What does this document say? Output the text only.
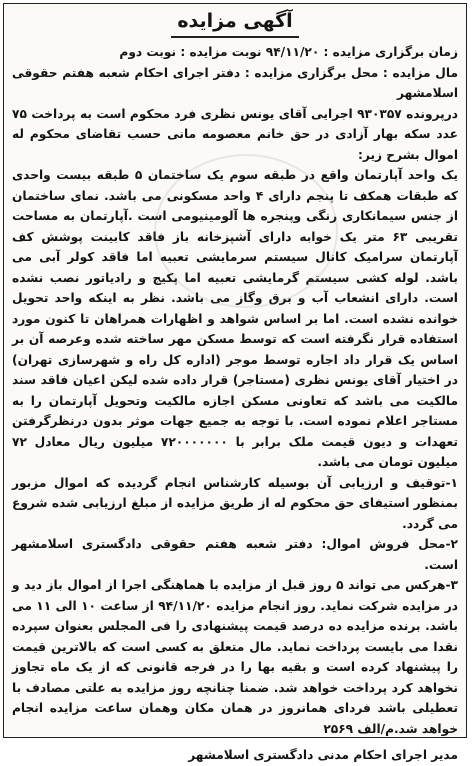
آگهی مزایده

زمان برگزاری مزایده : ۹۴/۱۱/۲۰ نوبت مزایده : نوبت دوم

مال مزایده : محل برگزاری مزایده : دفتر اجرای احکام شعبه هفتم حقوقی اسلامشهر

درپرونده ۹۳۰۳۵۷ اجرایی آقای یونس نظری فرد محکوم است به پرداخت ۷۵ عدد سکه بهار آزادی در حق خانم معصومه مانی حسب تقاضای محکوم له اموال بشرح زیر:

یک واحد آپارتمان واقع در طبقه سوم یک ساختمان ۵ طبقه بیست واحدی که طبقات همکف تا پنجم دارای ۴ واحد مسکونی می باشد. نمای ساختمان از جنس سیمانکاری رنگی وپنجره ها آلومینیومی است .آپارتمان به مساحت تقریبی ۶۳ متر یک خوابه دارای آشپزخانه باز فاقد کابینت پوشش کف آپارتمان سرامیک کانال سیستم سرمایشی تعبیه اما فاقد کولر آبی می باشد. لوله کشی سیستم گرمایشی تعبیه اما پکیج و رادیاتور نصب نشده است. دارای انشعاب آب و برق وگاز می باشد. نظر به اینکه واحد تحویل خوانده نشده است. اما بر اساس شواهد و اظهارات همراهان تا کنون مورد استفاده قرار نگرفته است که توسط مسکن مهر ساخته شده وعرصه آن بر اساس یک قرار داد اجاره توسط موجر (اداره کل راه و شهرسازی تهران) در اختیار آقای یونس نظری (مستاجر) قرار داده شده لیکن اعیان فاقد سند مالکیت می باشد که تعاونی مسکن اجازه مالکیت وتحویل آپارتمان را به مستاجر اعلام نموده است. با توجه به جمیع جهات موثر بدون درنظرگرفتن تعهدات و دیون قیمت ملک برابر با ۷۲۰۰۰۰۰۰۰ میلیون ریال معادل ۷۲ میلیون تومان می باشد.

۱-توقیف و ارزیابی آن بوسیله کارشناس انجام گردیده که اموال مزبور بمنظور استیفای حق محکوم له از طریق مزایده از مبلغ ارزیابی شده شروع می گردد.

۲-محل فروش اموال: دفتر شعبه هفتم حقوقی دادگستری اسلامشهر است.

۳-هرکس می تواند ۵ روز قبل از مزایده با هماهنگی اجرا از اموال باز دید و در مزایده شرکت نماید. روز انجام مزایده ۹۴/۱۱/۲۰ از ساعت ۱۰ الی ۱۱ می باشد. برنده مزایده ده درصد قیمت پیشنهادی را فی المجلس بعنوان سپرده نقدا می بایست پرداخت نماید. مال متعلق به کسی است که بالاترین قیمت را پیشنهاد کرده است و بقیه بها را در فرجه قانونی که از یک ماه تجاوز نخواهد کرد پرداخت خواهد شد. ضمنا چنانچه روز مزایده به علتی مصادف با تعطیلی باشد فردای همانروز در همان مکان وهمان ساعت مزایده انجام خواهد شد.م/الف ۲۵۶۹

مدیر اجرای احکام مدنی دادگستری اسلامشهر
